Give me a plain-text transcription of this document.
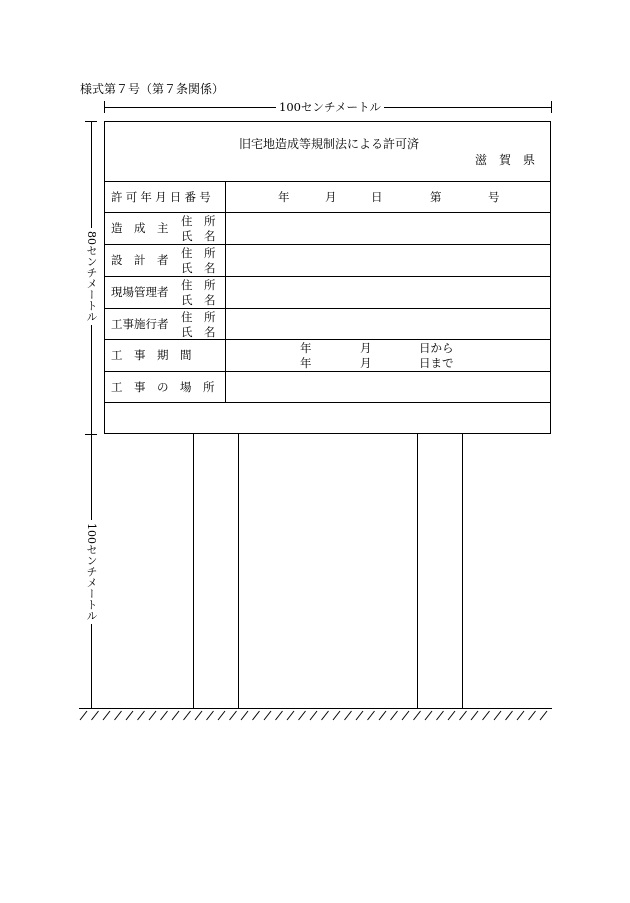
様式第７号（第７条関係）
100センチメートル
80センチメートル
100センチメートル
旧宅地造成等規制法による許可済
滋　賀　県
許可年月日番号	年	月	日	第	号
造　成　主 住　所
氏　名
設　計　者 住　所
氏　名
現場管理者 住　所
氏　名
工事施行者 住　所
氏　名
工　事　期　間	年	月	日から
年	月	日まで
工　事　の　場　所
